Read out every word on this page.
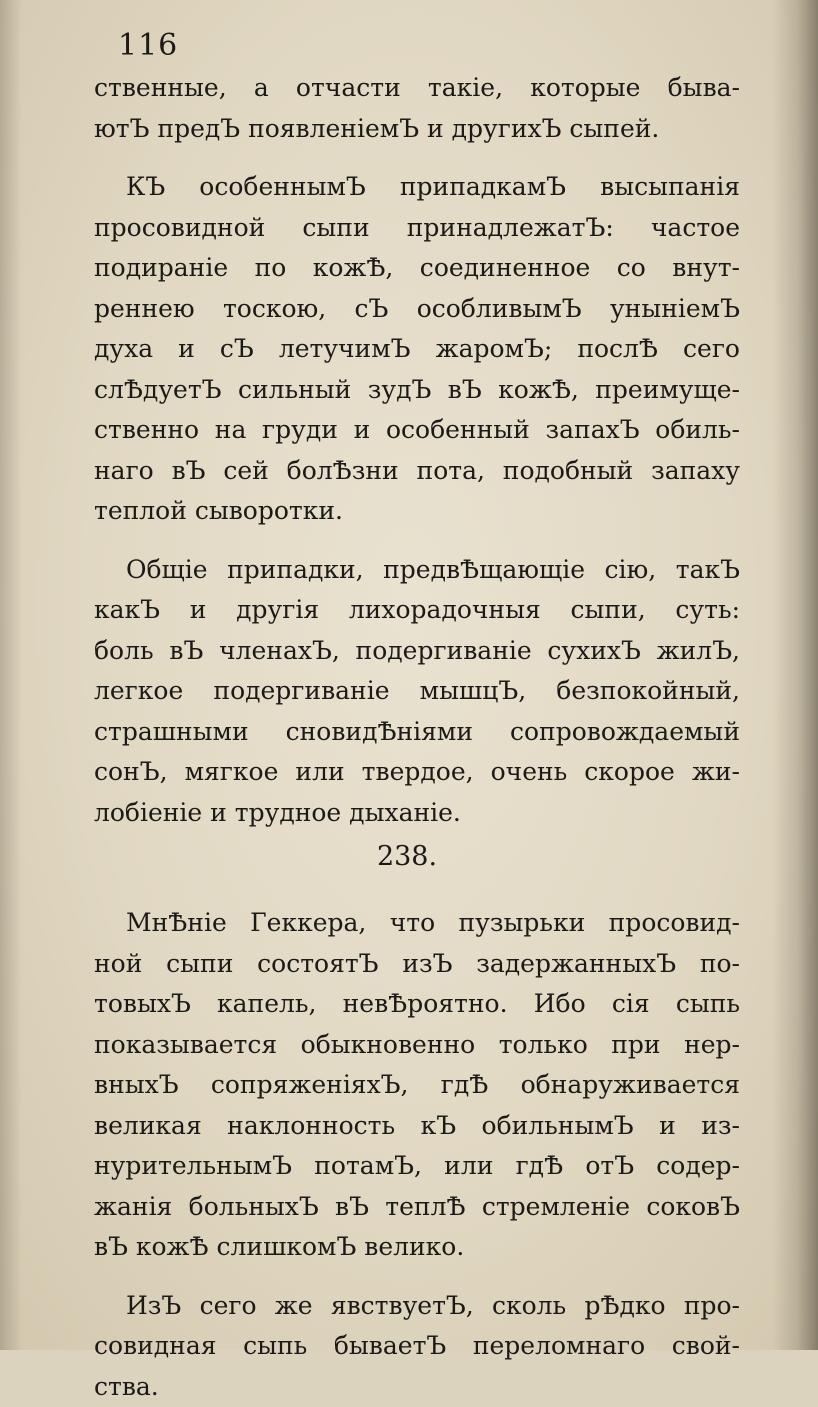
116
ственные, а отчасти такіе, которые быва-
ютЪ предЪ появленіемЪ и другихЪ сыпей.
КЪ особеннымЪ припадкамЪ высыпанія
просовидной сыпи принадлежатЪ: частое
подираніе по кожѢ, соединенное со внут-
реннею тоскою, сЪ особливымЪ уныніемЪ
духа и сЪ летучимЪ жаромЪ; послѢ сего
слѢдуетЪ сильный зудЪ вЪ кожѢ, преимуще-
ственно на груди и особенный запахЪ обиль-
наго вЪ сей болѢзни пота, подобный запаху
теплой сыворотки.
Общіе припадки, предвѢщающіе сію, такЪ
какЪ и другія лихорадочныя сыпи, суть:
боль вЪ членахЪ, подергиваніе сухихЪ жилЪ,
легкое подергиваніе мышцЪ, безпокойный,
страшными сновидѢніями сопровождаемый
сонЪ, мягкое или твердое, очень скорое жи-
лобіеніе и трудное дыханіе.
238.
МнѢніе Геккера, что пузырьки просовид-
ной сыпи состоятЪ изЪ задержанныхЪ по-
товыхЪ капель, невѢроятно. Ибо сія сыпь
показывается обыкновенно только при нер-
вныхЪ сопряженіяхЪ, гдѢ обнаруживается
великая наклонность кЪ обильнымЪ и из-
нурительнымЪ потамЪ, или гдѢ отЪ содер-
жанія больныхЪ вЪ теплѢ стремленіе соковЪ
вЪ кожѢ слишкомЪ велико.
ИзЪ сего же явствуетЪ, сколь рѢдко про-
совидная сыпь бываетЪ переломнаго свой-
ства.
